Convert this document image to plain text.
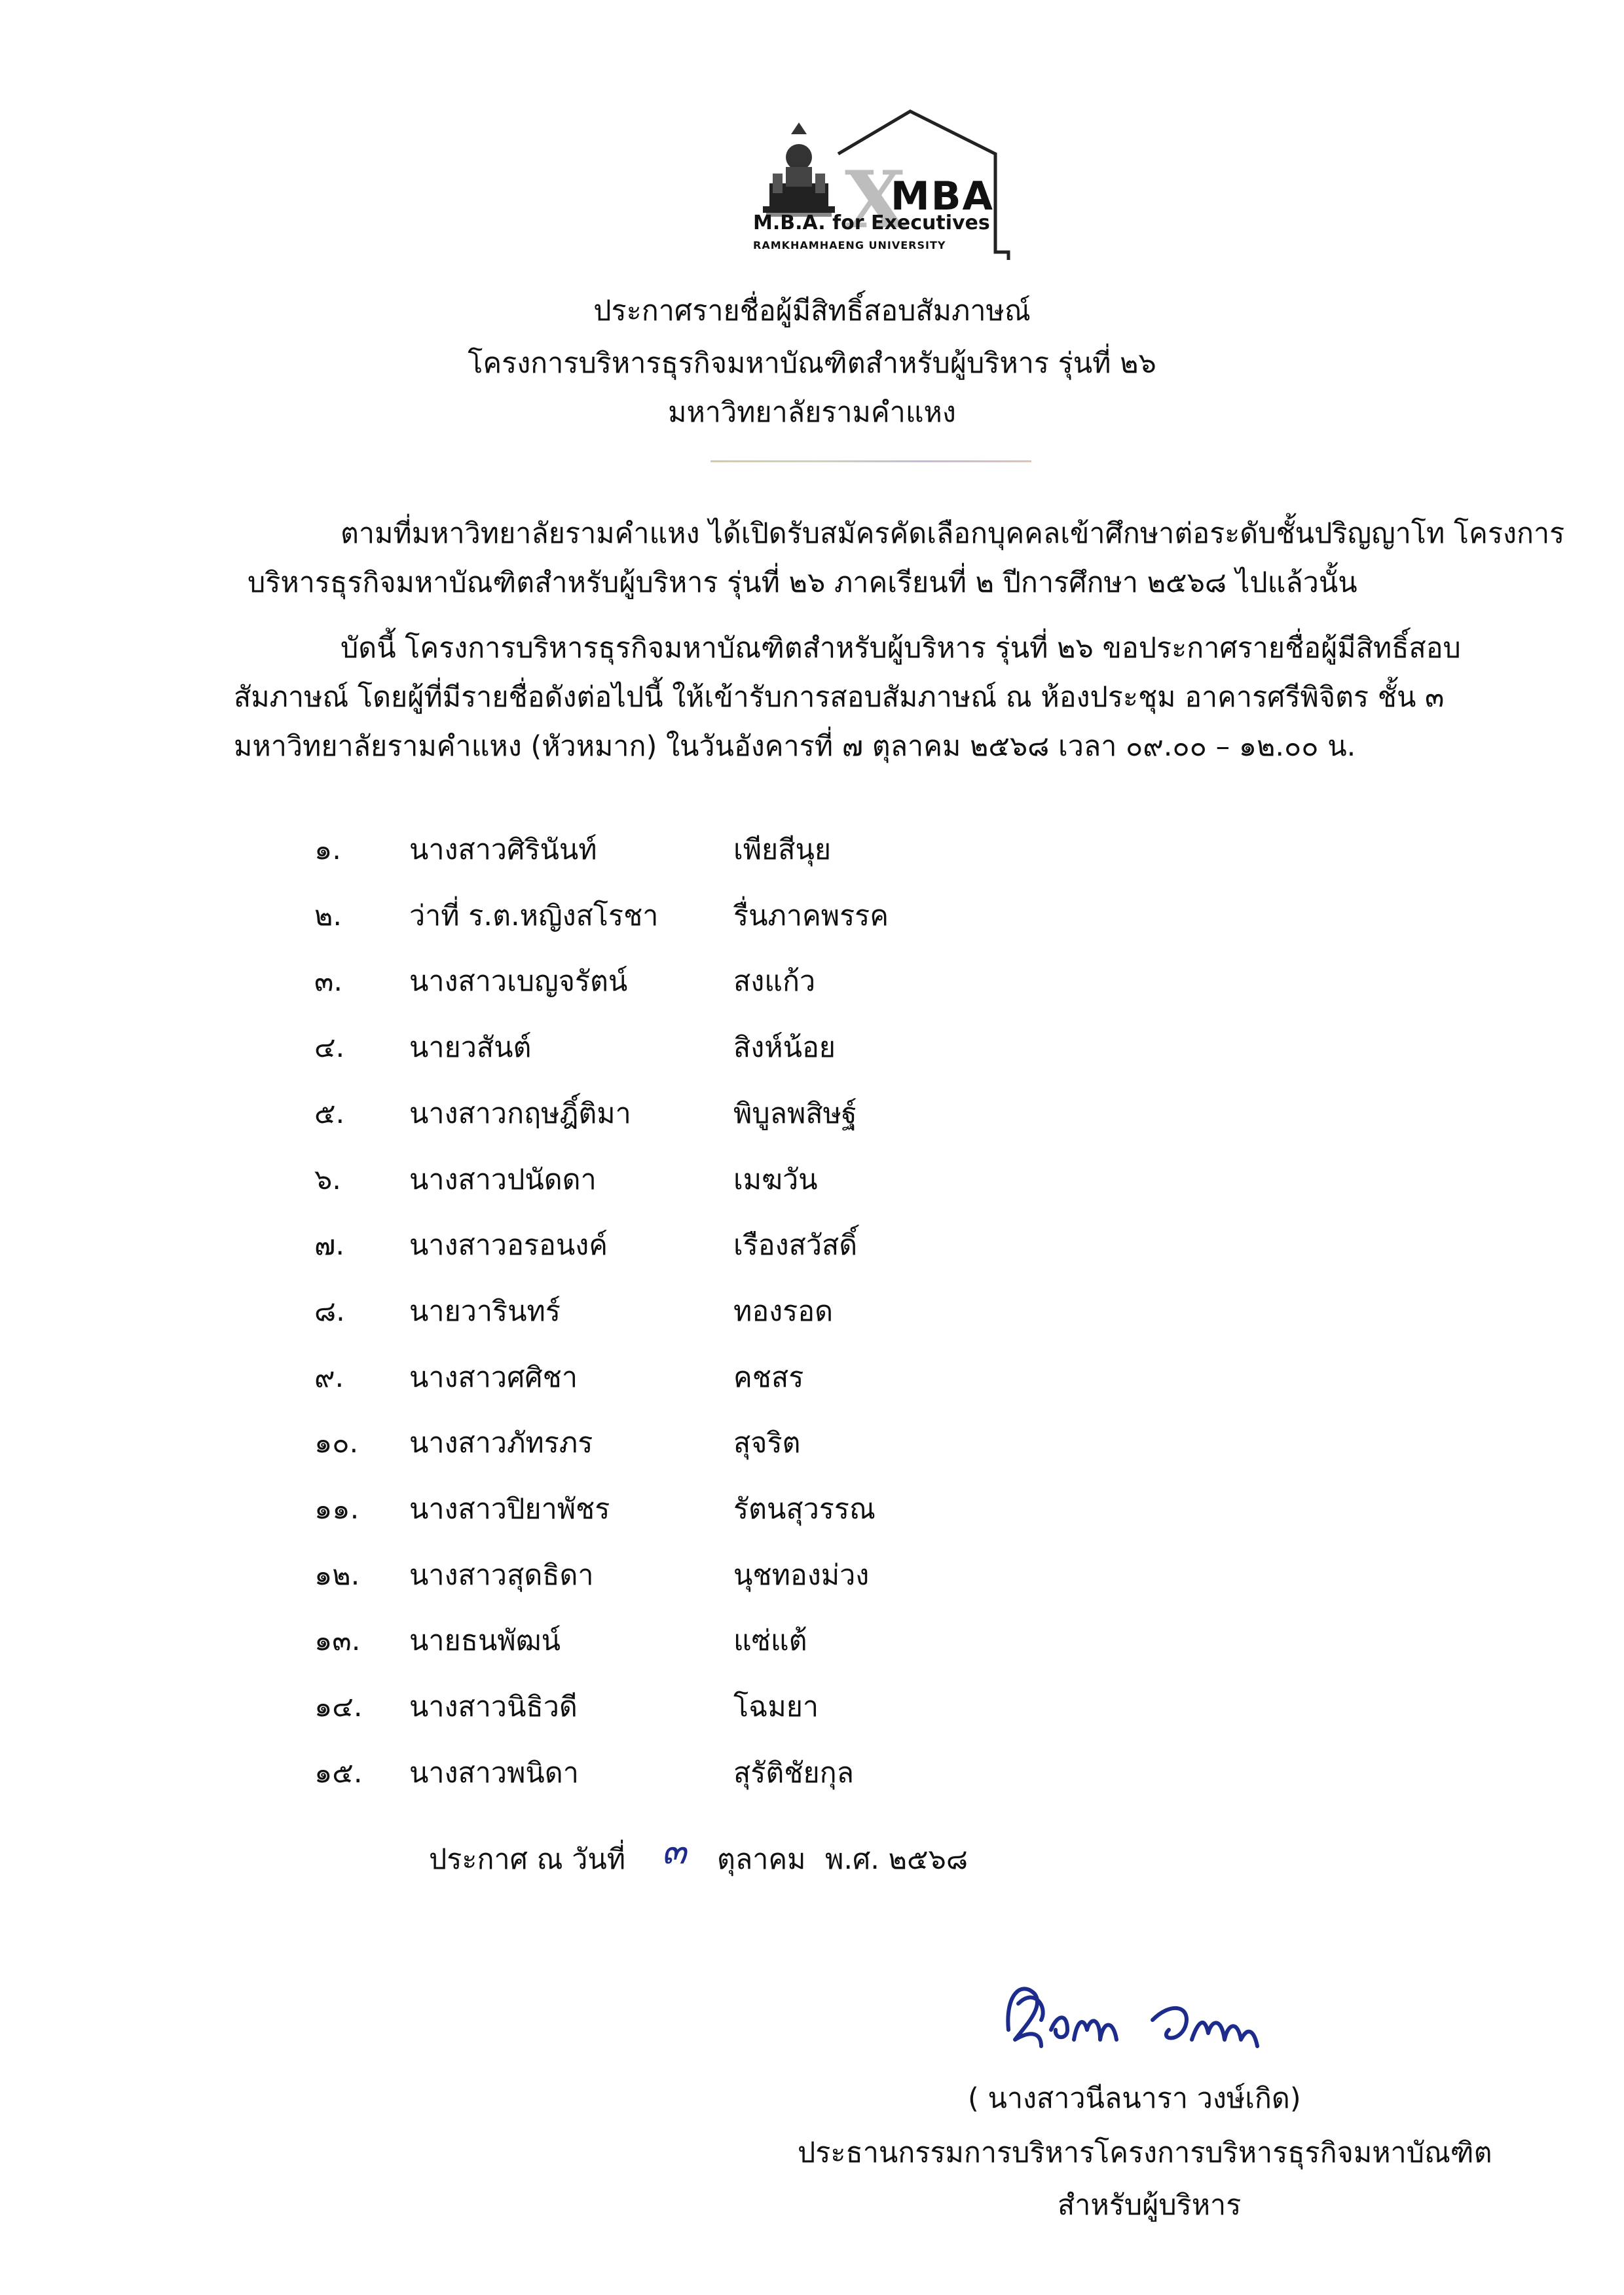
X
MBA
M.B.A. for Executives
RAMKHAMHAENG UNIVERSITY
ประกาศรายชื่อผู้มีสิทธิ์สอบสัมภาษณ์
โครงการบริหารธุรกิจมหาบัณฑิตสำหรับผู้บริหาร รุ่นที่ ๒๖
มหาวิทยาลัยรามคำแหง
ตามที่มหาวิทยาลัยรามคำแหง ได้เปิดรับสมัครคัดเลือกบุคคลเข้าศึกษาต่อระดับชั้นปริญญาโท โครงการ
บริหารธุรกิจมหาบัณฑิตสำหรับผู้บริหาร รุ่นที่ ๒๖ ภาคเรียนที่ ๒ ปีการศึกษา ๒๕๖๘ ไปแล้วนั้น
บัดนี้ โครงการบริหารธุรกิจมหาบัณฑิตสำหรับผู้บริหาร รุ่นที่ ๒๖ ขอประกาศรายชื่อผู้มีสิทธิ์สอบ
สัมภาษณ์ โดยผู้ที่มีรายชื่อดังต่อไปนี้ ให้เข้ารับการสอบสัมภาษณ์ ณ ห้องประชุม อาคารศรีพิจิตร ชั้น ๓
มหาวิทยาลัยรามคำแหง (หัวหมาก) ในวันอังคารที่ ๗ ตุลาคม ๒๕๖๘ เวลา ๐๙.๐๐ – ๑๒.๐๐ น.
๑.	นางสาวศิรินันท์	เพียสีนุย
๒.	ว่าที่ ร.ต.หญิงสโรชา	รื่นภาคพรรค
๓.	นางสาวเบญจรัตน์	สงแก้ว
๔.	นายวสันต์	สิงห์น้อย
๕.	นางสาวกฤษฎิ์ติมา	พิบูลพสิษฐ์
๖.	นางสาวปนัดดา	เมฆวัน
๗.	นางสาวอรอนงค์	เรืองสวัสดิ์
๘.	นายวารินทร์	ทองรอด
๙.	นางสาวศศิชา	คชสร
๑๐.	นางสาวภัทรภร	สุจริต
๑๑.	นางสาวปิยาพัชร	รัตนสุวรรณ
๑๒.	นางสาวสุดธิดา	นุชทองม่วง
๑๓.	นายธนพัฒน์	แซ่แต้
๑๔.	นางสาวนิธิวดี	โฉมยา
๑๕.	นางสาวพนิดา	สุรัติชัยกุล
ประกาศ ณ วันที่ ๓ ตุลาคม พ.ศ. ๒๕๖๘
( นางสาวนีลนารา วงษ์เกิด)
ประธานกรรมการบริหารโครงการบริหารธุรกิจมหาบัณฑิต
สำหรับผู้บริหาร
